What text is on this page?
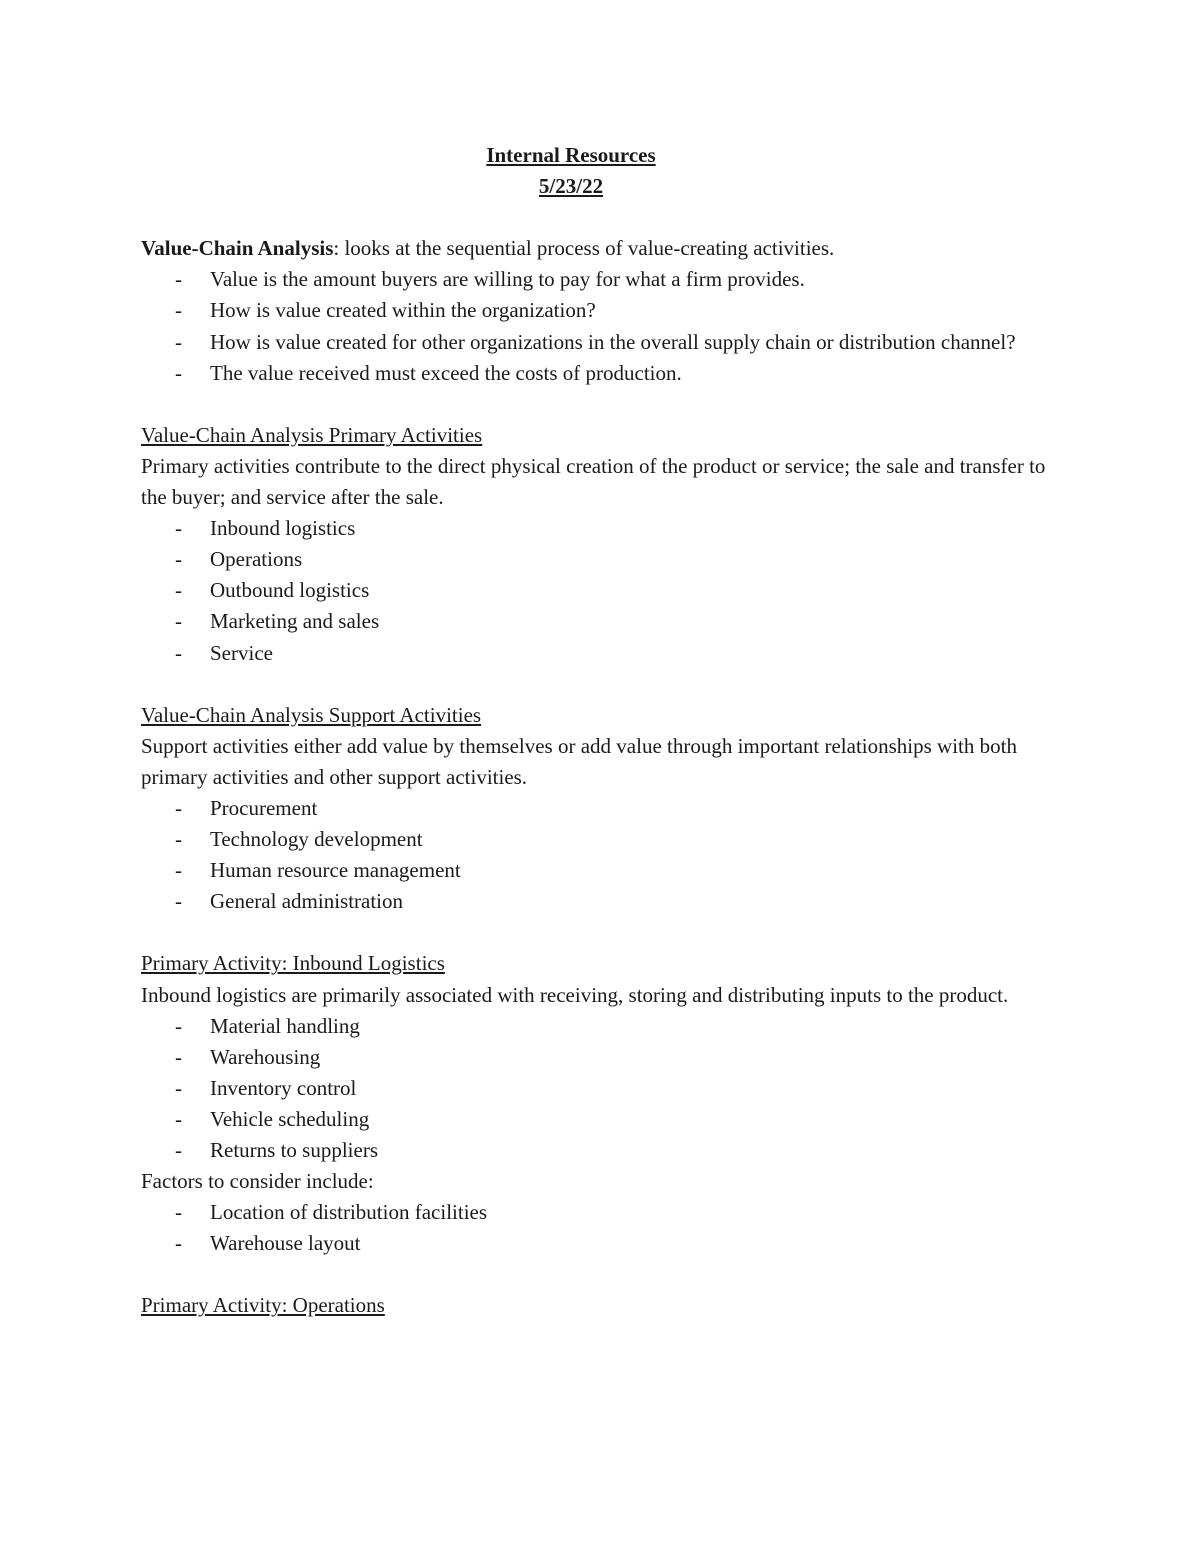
Internal Resources
5/23/22

Value-Chain Analysis: looks at the sequential process of value-creating activities.

- Value is the amount buyers are willing to pay for what a firm provides.
- How is value created within the organization?
- How is value created for other organizations in the overall supply chain or distribution channel?
- The value received must exceed the costs of production.

Value-Chain Analysis Primary Activities

Primary activities contribute to the direct physical creation of the product or service; the sale and transfer to the buyer; and service after the sale.

- Inbound logistics
- Operations
- Outbound logistics
- Marketing and sales
- Service

Value-Chain Analysis Support Activities

Support activities either add value by themselves or add value through important relationships with both primary activities and other support activities.

- Procurement
- Technology development
- Human resource management
- General administration

Primary Activity: Inbound Logistics

Inbound logistics are primarily associated with receiving, storing and distributing inputs to the product.

- Material handling
- Warehousing
- Inventory control
- Vehicle scheduling
- Returns to suppliers

Factors to consider include:

- Location of distribution facilities
- Warehouse layout

Primary Activity: Operations
